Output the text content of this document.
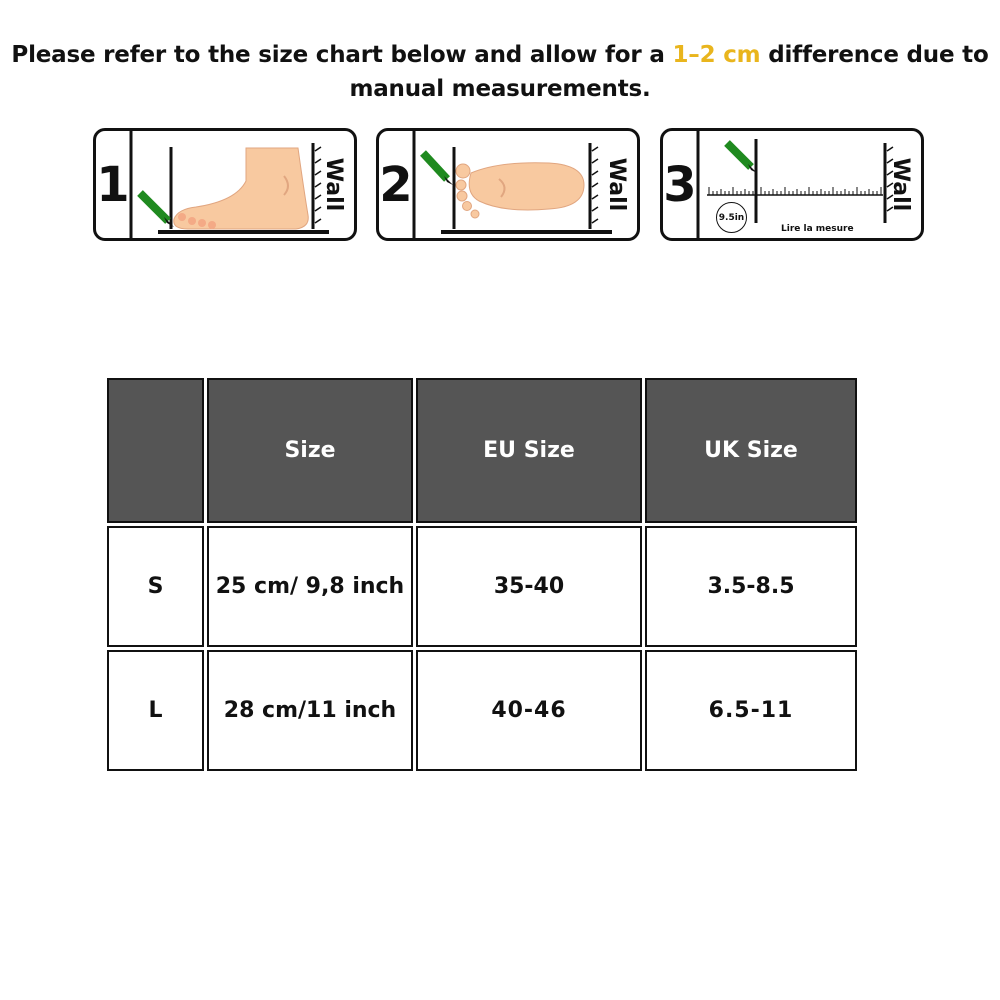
Please refer to the size chart below and allow for a 1–2 cm difference due to manual measurements.
1	Wall 2	Wall 3
9.5in
Lire la mesure
Wall
	Size	EU Size	UK Size
S	25 cm/ 9,8 inch	35-40	3.5-8.5
L	28 cm/11 inch	40-46	6.5-11
